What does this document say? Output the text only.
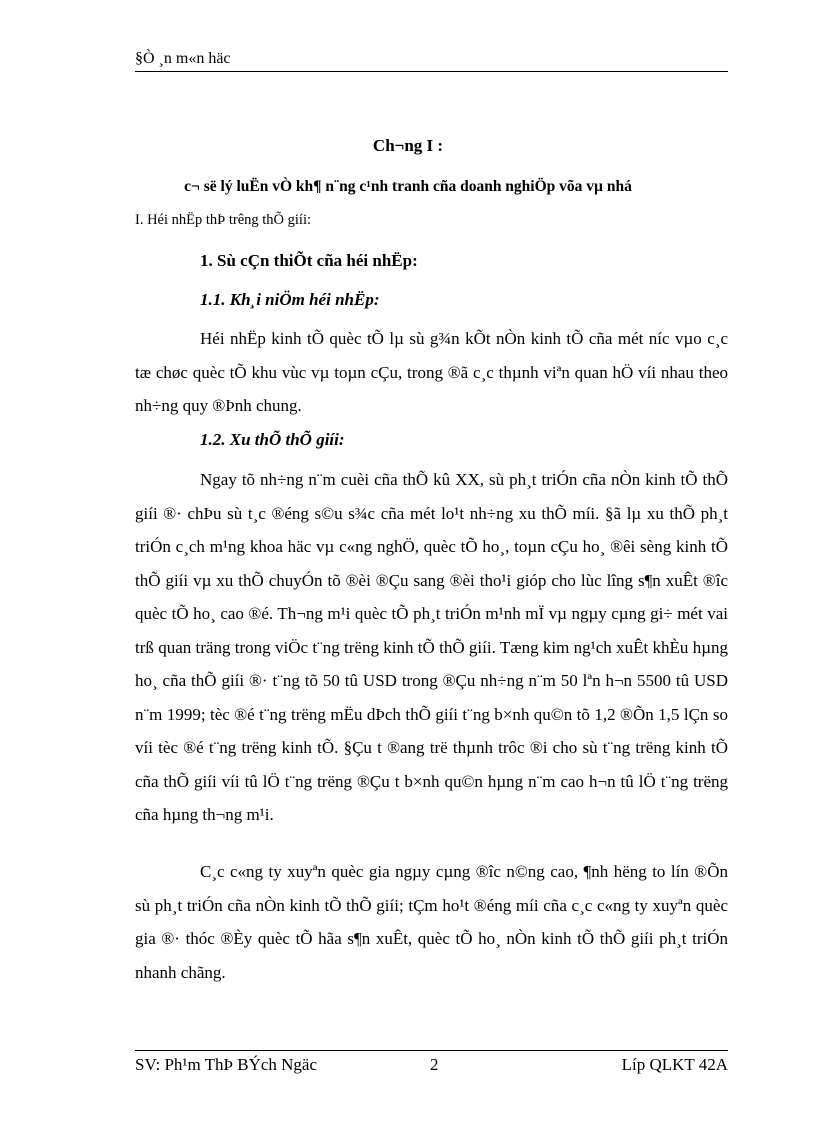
§Ò ¸n m«n häc
Ch¬ng I :
c¬ së lý luËn vÒ kh¶ n¨ng c¹nh tranh cña doanh nghiÖp võa vµ nhá
I. Héi nhËp thÞ trêng thÕ giíi:
1. Sù cÇn thiÕt cña héi nhËp:
1.1. Kh¸i niÖm héi nhËp:

Héi nhËp kinh tÕ quèc tÕ lµ sù g¾n kÕt nÒn kinh tÕ cña mét níc vµo c¸c tæ chøc quèc tÕ khu vùc vµ toµn cÇu, trong ®ã c¸c thµnh viªn quan hÖ víi nhau theo nh÷ng quy ®Þnh chung.

1.2. Xu thÕ thÕ giíi:

Ngay tõ nh÷ng n¨m cuèi cña thÕ kû XX, sù ph¸t triÓn cña nÒn kinh tÕ thÕ giíi ®· chÞu sù t¸c ®éng s©u s¾c cña mét lo¹t nh÷ng xu thÕ míi. §ã lµ xu thÕ ph¸t triÓn c¸ch m¹ng khoa häc vµ c«ng nghÖ, quèc tÕ ho¸, toµn cÇu ho¸ ®êi sèng kinh tÕ thÕ giíi vµ xu thÕ chuyÓn tõ ®èi ®Çu sang ®èi tho¹i gióp cho lùc lîng s¶n xuÊt ®îc quèc tÕ ho¸ cao ®é. Th¬ng m¹i quèc tÕ ph¸t triÓn m¹nh mÏ vµ ngµy cµng gi÷ mét vai trß quan träng trong viÖc t¨ng trëng kinh tÕ thÕ giíi. Tæng kim ng¹ch xuÊt khÈu hµng ho¸ cña thÕ giíi ®· t¨ng tõ 50 tû USD trong ®Çu nh÷ng n¨m 50 lªn h¬n 5500 tû USD n¨m 1999; tèc ®é t¨ng trëng mËu dÞch thÕ giíi t¨ng b×nh qu©n tõ 1,2 ®Õn 1,5 lÇn so víi tèc ®é t¨ng trëng kinh tÕ. §Çu t ®ang trë thµnh trôc ®i cho sù t¨ng trëng kinh tÕ cña thÕ giíi víi tû lÖ t¨ng trëng ®Çu t b×nh qu©n hµng n¨m cao h¬n tû lÖ t¨ng trëng cña hµng th¬ng m¹i.

C¸c c«ng ty xuyªn quèc gia ngµy cµng ®îc n©ng cao, ¶nh hëng to lín ®Õn sù ph¸t triÓn cña nÒn kinh tÕ thÕ giíi; tÇm ho¹t ®éng míi cña c¸c c«ng ty xuyªn quèc gia ®· thóc ®Èy quèc tÕ hãa s¶n xuÊt, quèc tÕ ho¸ nÒn kinh tÕ thÕ giíi ph¸t triÓn nhanh chãng.

SV: Ph¹m ThÞ BÝch Ngäc	2	Líp QLKT 42A
